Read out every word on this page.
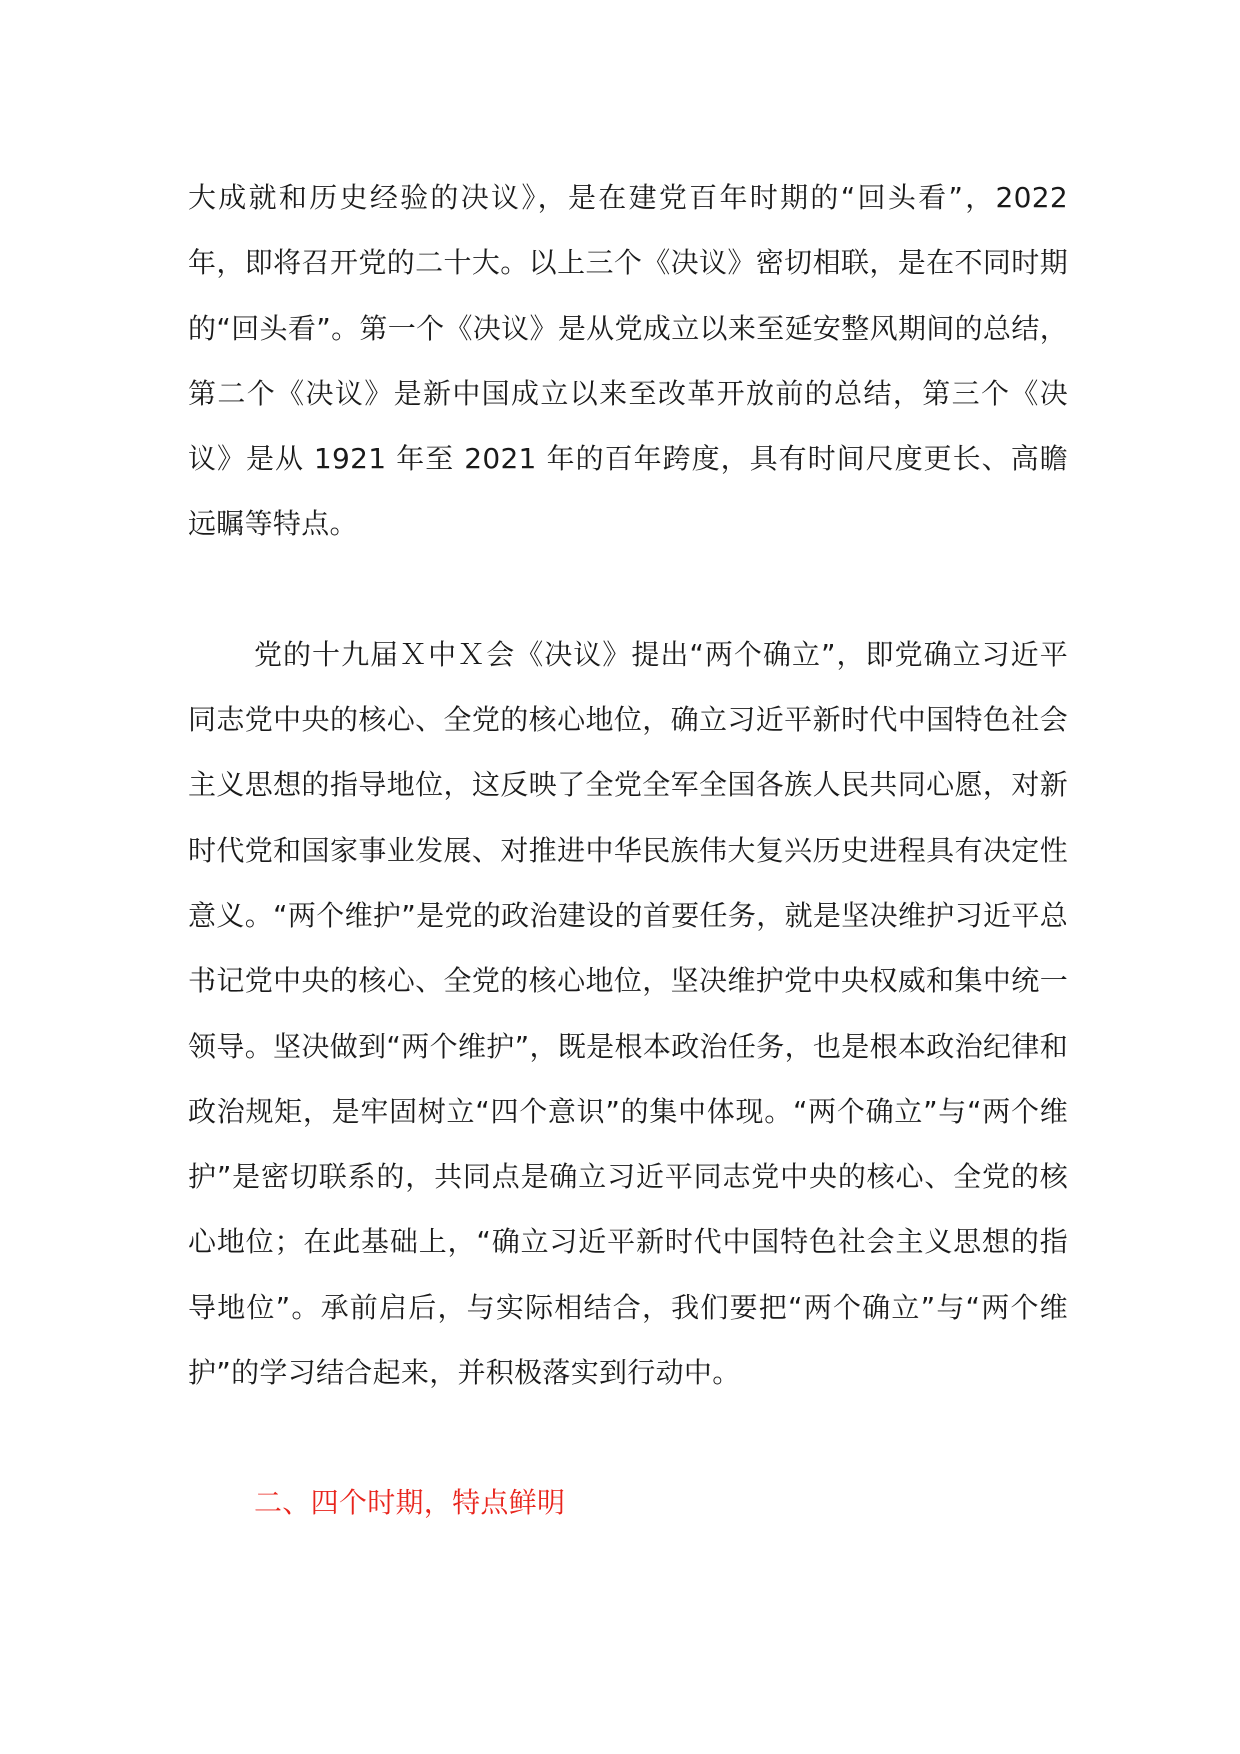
大成就和历史经验的决议》，是在建党百年时期的“回头看”，2022年，即将召开党的二十大。以上三个《决议》密切相联，是在不同时期的“回头看”。第一个《决议》是从党成立以来至延安整风期间的总结，第二个《决议》是新中国成立以来至改革开放前的总结，第三个《决议》是从 1921 年至 2021 年的百年跨度，具有时间尺度更长、高瞻远瞩等特点。

党的十九届Ｘ中Ｘ会《决议》提出“两个确立”，即党确立习近平同志党中央的核心、全党的核心地位，确立习近平新时代中国特色社会主义思想的指导地位，这反映了全党全军全国各族人民共同心愿，对新时代党和国家事业发展、对推进中华民族伟大复兴历史进程具有决定性意义。“两个维护”是党的政治建设的首要任务，就是坚决维护习近平总书记党中央的核心、全党的核心地位，坚决维护党中央权威和集中统一领导。坚决做到“两个维护”，既是根本政治任务，也是根本政治纪律和政治规矩，是牢固树立“四个意识”的集中体现。“两个确立”与“两个维护”是密切联系的，共同点是确立习近平同志党中央的核心、全党的核心地位；在此基础上，“确立习近平新时代中国特色社会主义思想的指导地位”。承前启后，与实际相结合，我们要把“两个确立”与“两个维护”的学习结合起来，并积极落实到行动中。

二、四个时期，特点鲜明
